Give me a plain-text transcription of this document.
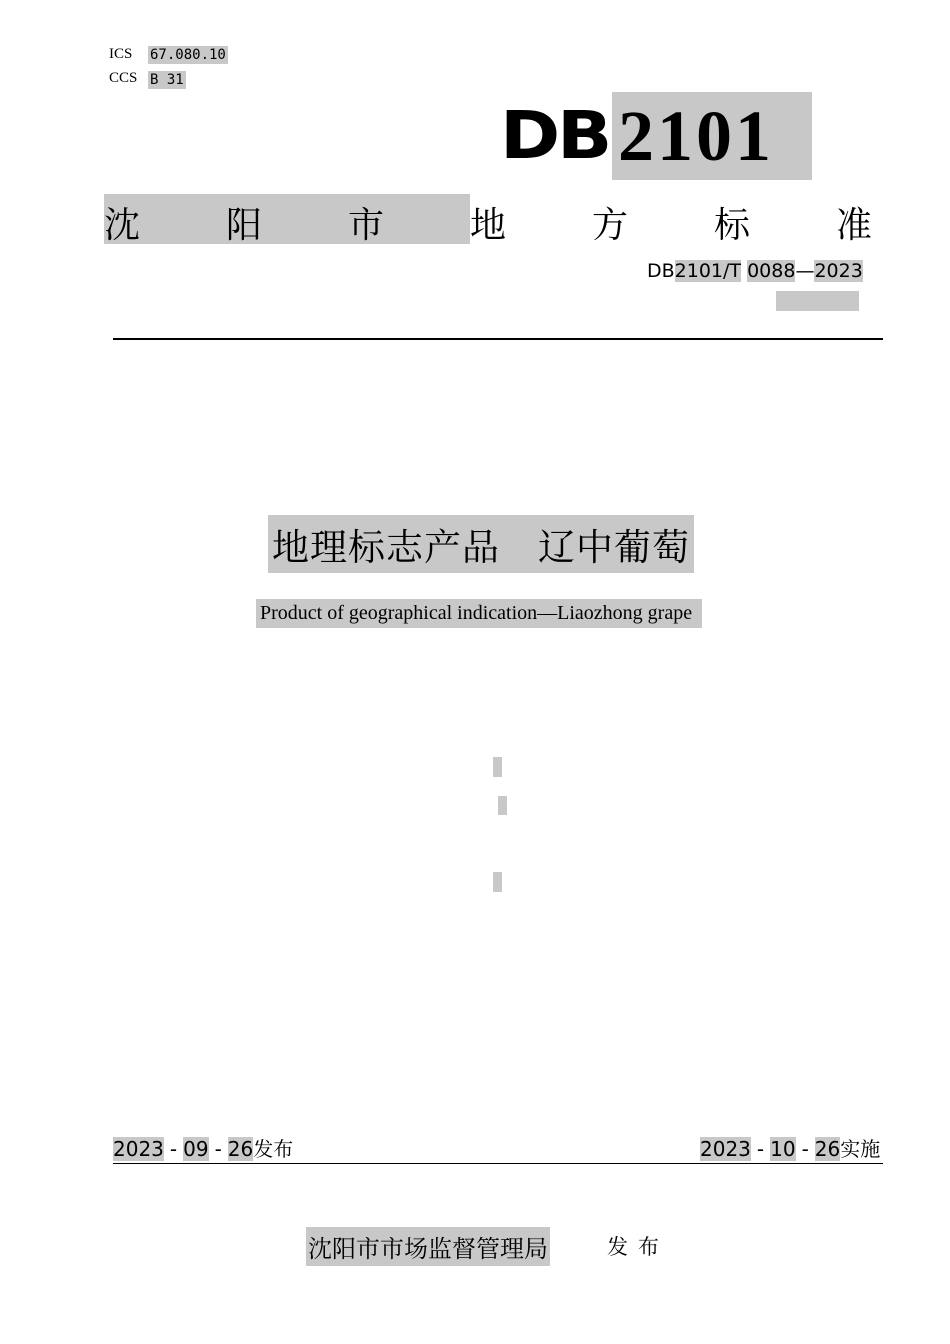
ICS 67.080.10
CCS B 31
DB 2101
沈 阳 市 地 方 标 准
DB2101/T 0088—2023
地理标志产品　辽中葡萄
Product of geographical indication—Liaozhong grape
2023 - 09 - 26发布	2023 - 10 - 26实施
沈阳市市场监督管理局	发布
